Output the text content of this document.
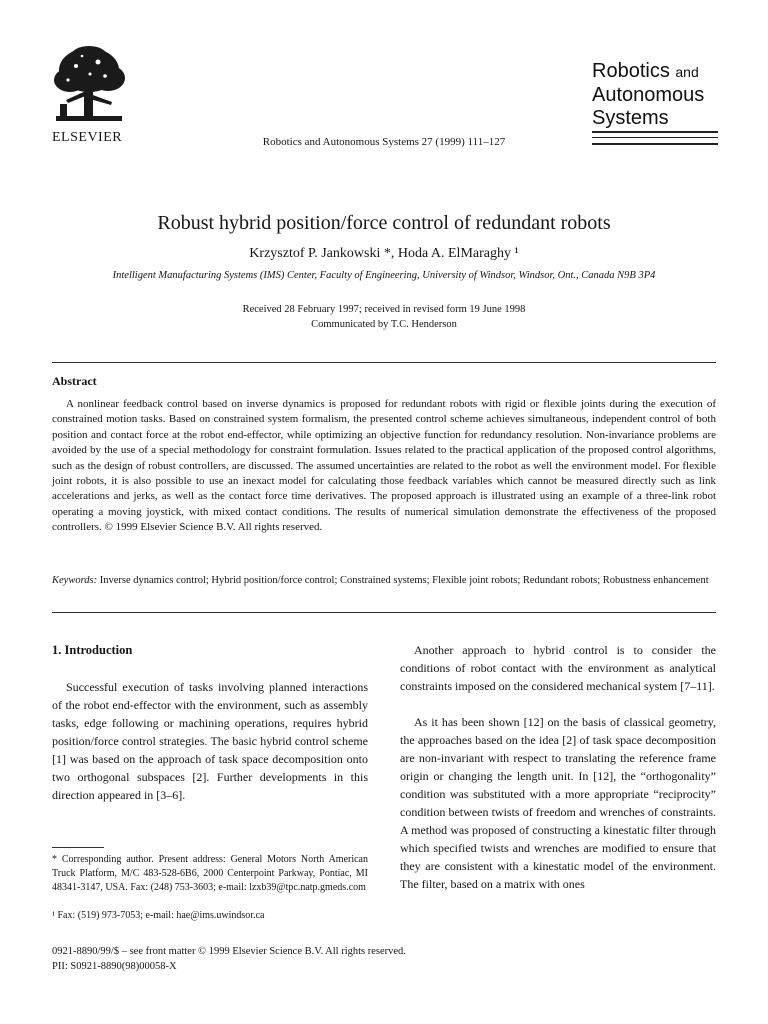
ELSEVIER	Robotics and Autonomous Systems 27 (1999) 111–127
Robotics and
Autonomous
Systems
Robust hybrid position/force control of redundant robots
Krzysztof P. Jankowski *, Hoda A. ElMaraghy ¹
Intelligent Manufacturing Systems (IMS) Center, Faculty of Engineering, University of Windsor, Windsor, Ont., Canada N9B 3P4
Received 28 February 1997; received in revised form 19 June 1998
Communicated by T.C. Henderson
Abstract

A nonlinear feedback control based on inverse dynamics is proposed for redundant robots with rigid or flexible joints during the execution of constrained motion tasks. Based on constrained system formalism, the presented control scheme achieves simultaneous, independent control of both position and contact force at the robot end-effector, while optimizing an objective function for redundancy resolution. Non-invariance problems are avoided by the use of a special methodology for constraint formulation. Issues related to the practical application of the proposed control algorithms, such as the design of robust controllers, are discussed. The assumed uncertainties are related to the robot as well the environment model. For flexible joint robots, it is also possible to use an inexact model for calculating those feedback variables which cannot be measured directly such as link accelerations and jerks, as well as the contact force time derivatives. The proposed approach is illustrated using an example of a three-link robot operating a moving joystick, with mixed contact conditions. The results of numerical simulation demonstrate the effectiveness of the proposed controllers. © 1999 Elsevier Science B.V. All rights reserved.

Keywords: Inverse dynamics control; Hybrid position/force control; Constrained systems; Flexible joint robots; Redundant robots; Robustness enhancement

1. Introduction

Successful execution of tasks involving planned interactions of the robot end-effector with the environment, such as assembly tasks, edge following or machining operations, requires hybrid position/force control strategies. The basic hybrid control scheme [1] was based on the approach of task space decomposition onto two orthogonal subspaces [2]. Further developments in this direction appeared in [3–6].

* Corresponding author. Present address: General Motors North American Truck Platform, M/C 483-528-6B6, 2000 Centerpoint Parkway, Pontiac, MI 48341-3147, USA. Fax: (248) 753-3603; e-mail: lzxb39@tpc.natp.gmeds.com

¹ Fax: (519) 973-7053; e-mail: hae@ims.uwindsor.ca

Another approach to hybrid control is to consider the conditions of robot contact with the environment as analytical constraints imposed on the considered mechanical system [7–11].

As it has been shown [12] on the basis of classical geometry, the approaches based on the idea [2] of task space decomposition are non-invariant with respect to translating the reference frame origin or changing the length unit. In [12], the “orthogonality” condition was substituted with a more appropriate “reciprocity” condition between twists of freedom and wrenches of constraints. A method was proposed of constructing a kinestatic filter through which specified twists and wrenches are modified to ensure that they are consistent with a kinestatic model of the environment. The filter, based on a matrix with ones

0921-8890/99/$ – see front matter © 1999 Elsevier Science B.V. All rights reserved.
PII: S0921-8890(98)00058-X
